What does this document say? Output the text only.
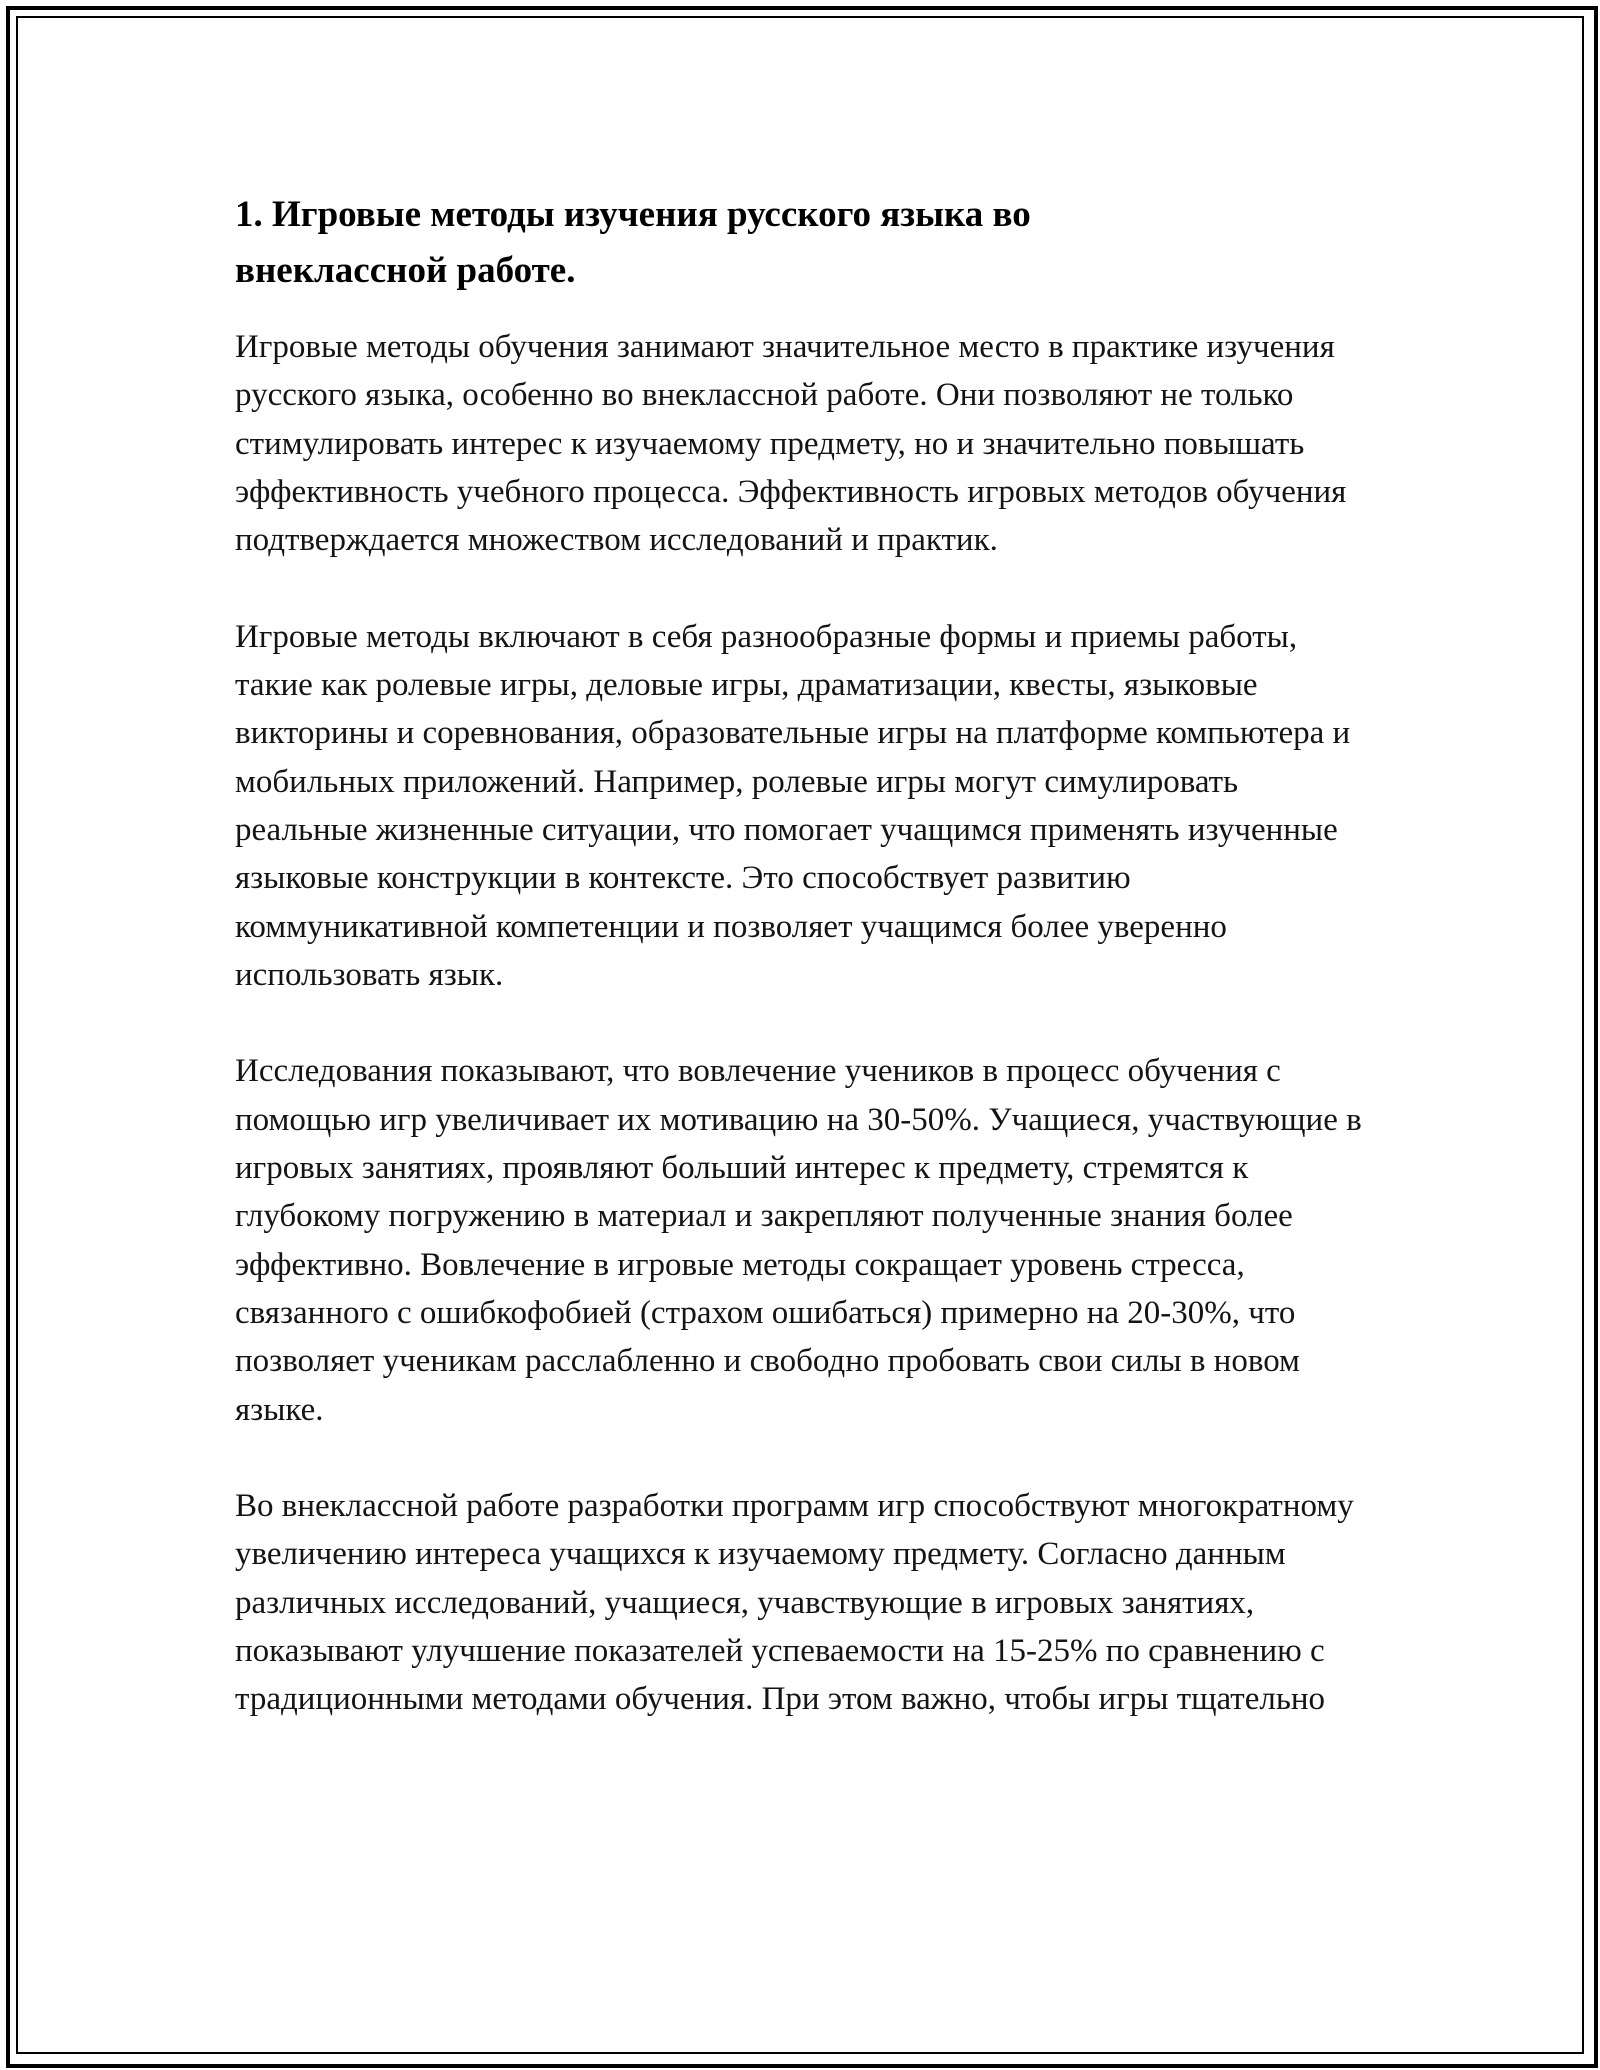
1. Игровые методы изучения русского языка во внеклассной работе.

Игровые методы обучения занимают значительное место в практике изучения русского языка, особенно во внеклассной работе. Они позволяют не только стимулировать интерес к изучаемому предмету, но и значительно повышать эффективность учебного процесса. Эффективность игровых методов обучения подтверждается множеством исследований и практик.

Игровые методы включают в себя разнообразные формы и приемы работы, такие как ролевые игры, деловые игры, драматизации, квесты, языковые викторины и соревнования, образовательные игры на платформе компьютера и мобильных приложений. Например, ролевые игры могут симулировать реальные жизненные ситуации, что помогает учащимся применять изученные языковые конструкции в контексте. Это способствует развитию коммуникативной компетенции и позволяет учащимся более уверенно использовать язык.

Исследования показывают, что вовлечение учеников в процесс обучения с помощью игр увеличивает их мотивацию на 30-50%. Учащиеся, участвующие в игровых занятиях, проявляют больший интерес к предмету, стремятся к глубокому погружению в материал и закрепляют полученные знания более эффективно. Вовлечение в игровые методы сокращает уровень стресса, связанного с ошибкофобией (страхом ошибаться) примерно на 20-30%, что позволяет ученикам расслабленно и свободно пробовать свои силы в новом языке.

Во внеклассной работе разработки программ игр способствуют многократному увеличению интереса учащихся к изучаемому предмету. Согласно данным различных исследований, учащиеся, учавствующие в игровых занятиях, показывают улучшение показателей успеваемости на 15-25% по сравнению с традиционными методами обучения. При этом важно, чтобы игры тщательно
